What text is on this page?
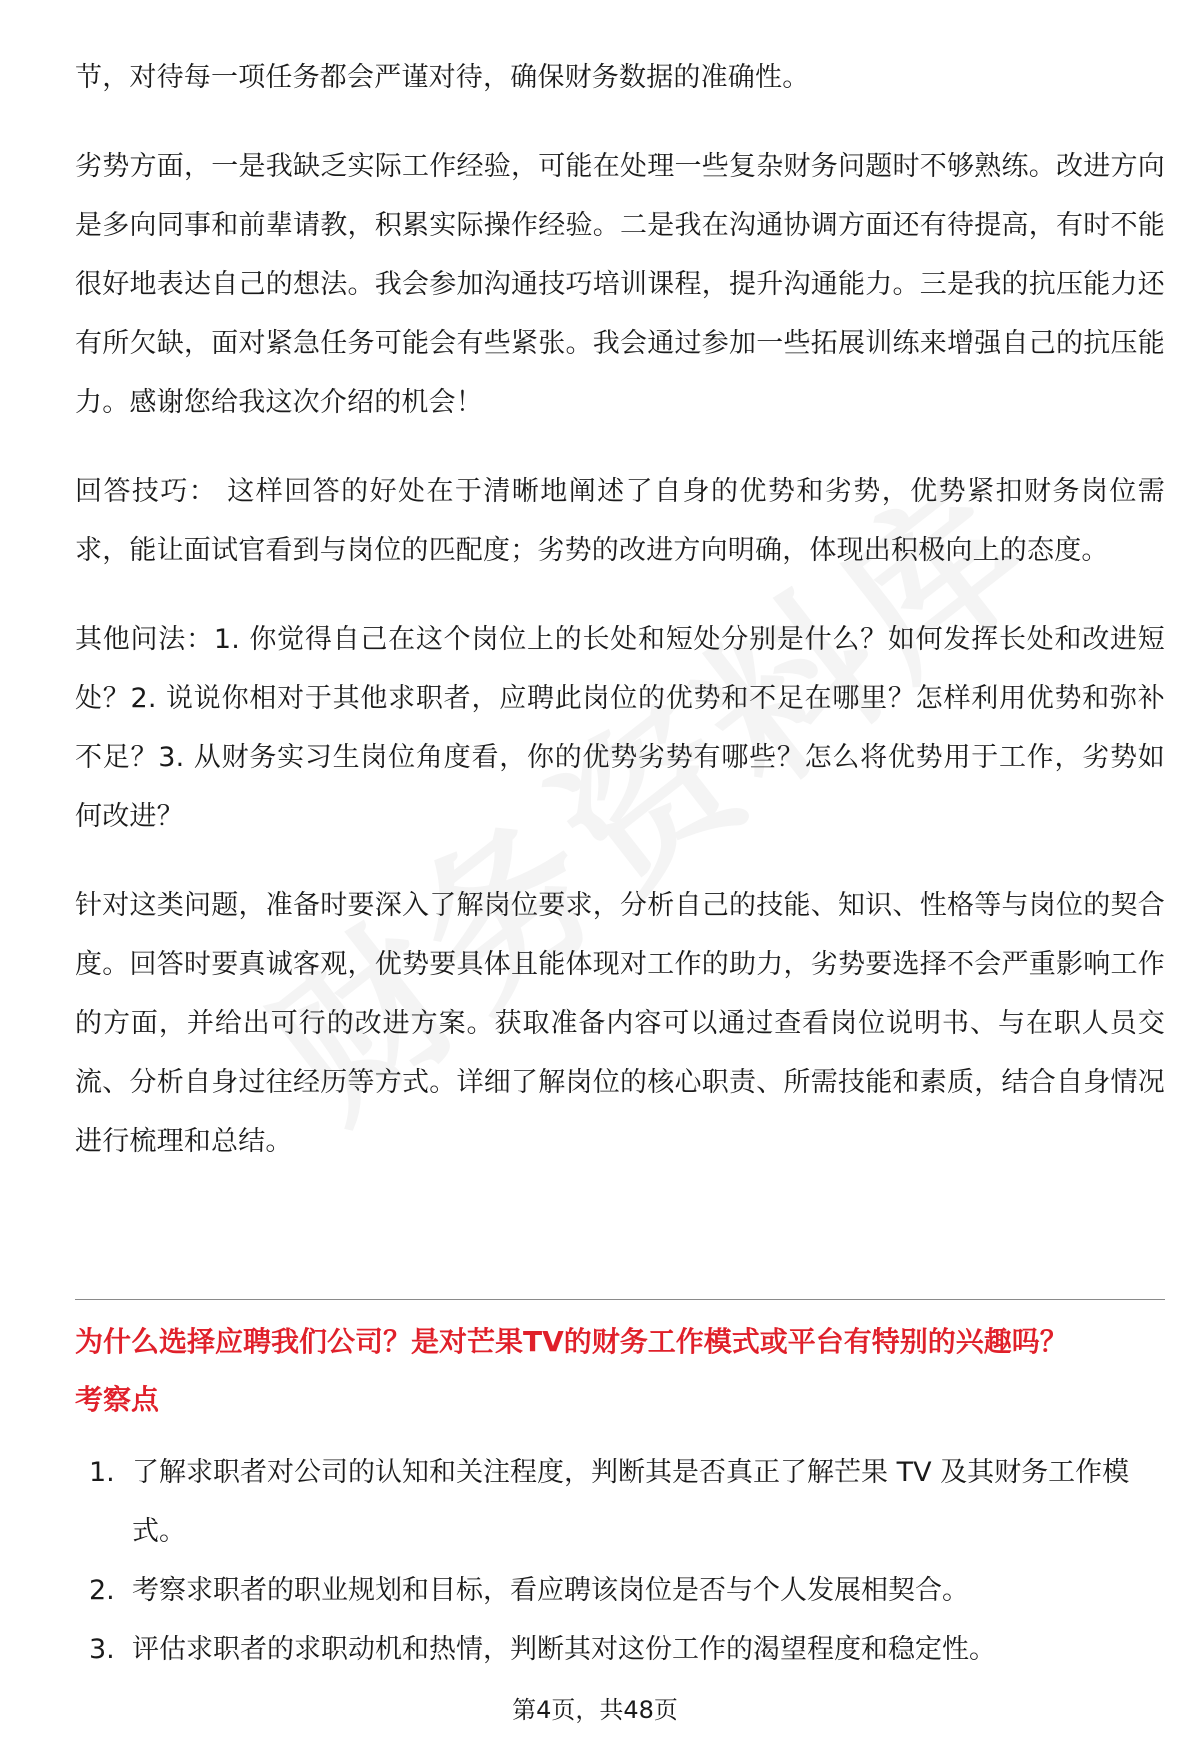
节，对待每一项任务都会严谨对待，确保财务数据的准确性。

劣势方面，一是我缺乏实际工作经验，可能在处理一些复杂财务问题时不够熟练。改进方向是多向同事和前辈请教，积累实际操作经验。二是我在沟通协调方面还有待提高，有时不能很好地表达自己的想法。我会参加沟通技巧培训课程，提升沟通能力。三是我的抗压能力还有所欠缺，面对紧急任务可能会有些紧张。我会通过参加一些拓展训练来增强自己的抗压能力。感谢您给我这次介绍的机会！

回答技巧： 这样回答的好处在于清晰地阐述了自身的优势和劣势，优势紧扣财务岗位需求，能让面试官看到与岗位的匹配度；劣势的改进方向明确，体现出积极向上的态度。

其他问法：1. 你觉得自己在这个岗位上的长处和短处分别是什么？如何发挥长处和改进短处？2. 说说你相对于其他求职者，应聘此岗位的优势和不足在哪里？怎样利用优势和弥补不足？3. 从财务实习生岗位角度看，你的优势劣势有哪些？怎么将优势用于工作，劣势如何改进？

针对这类问题，准备时要深入了解岗位要求，分析自己的技能、知识、性格等与岗位的契合度。回答时要真诚客观，优势要具体且能体现对工作的助力，劣势要选择不会严重影响工作的方面，并给出可行的改进方案。获取准备内容可以通过查看岗位说明书、与在职人员交流、分析自身过往经历等方式。详细了解岗位的核心职责、所需技能和素质，结合自身情况进行梳理和总结。

为什么选择应聘我们公司？是对芒果TV的财务工作模式或平台有特别的兴趣吗？
考察点
1. 了解求职者对公司的认知和关注程度，判断其是否真正了解芒果 TV 及其财务工作模式。
2. 考察求职者的职业规划和目标，看应聘该岗位是否与个人发展相契合。
3. 评估求职者的求职动机和热情，判断其对这份工作的渴望程度和稳定性。
第4页，共48页
